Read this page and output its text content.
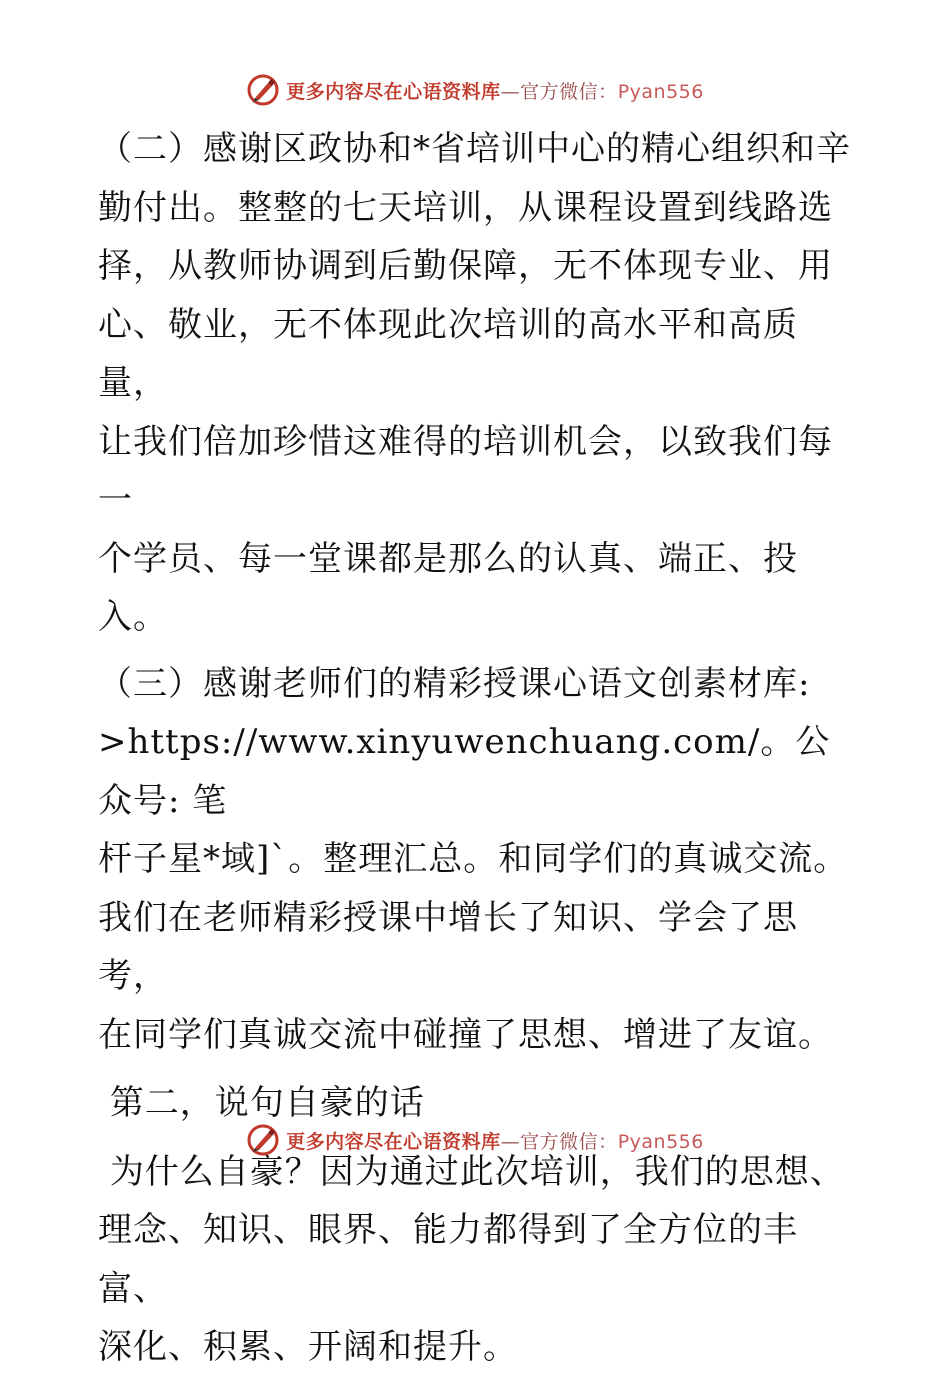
更多内容尽在心语资料库—官方微信：Pyan556

（二）感谢区政协和*省培训中心的精心组织和辛

勤付出。整整的七天培训，从课程设置到线路选

择，从教师协调到后勤保障，无不体现专业、用

心、敬业，无不体现此次培训的高水平和高质量，

让我们倍加珍惜这难得的培训机会，以致我们每一

个学员、每一堂课都是那么的认真、端正、投入。

（三）感谢老师们的精彩授课心语文创素材库:

>https://www.xinyuwenchuang.com/。公众号: 笔

杆子星*域]`。整理汇总。和同学们的真诚交流。

我们在老师精彩授课中增长了知识、学会了思考，

在同学们真诚交流中碰撞了思想、增进了友谊。

第二，说句自豪的话

为什么自豪？因为通过此次培训，我们的思想、

理念、知识、眼界、能力都得到了全方位的丰富、

深化、积累、开阔和提升。

更多内容尽在心语资料库—官方微信：Pyan556
